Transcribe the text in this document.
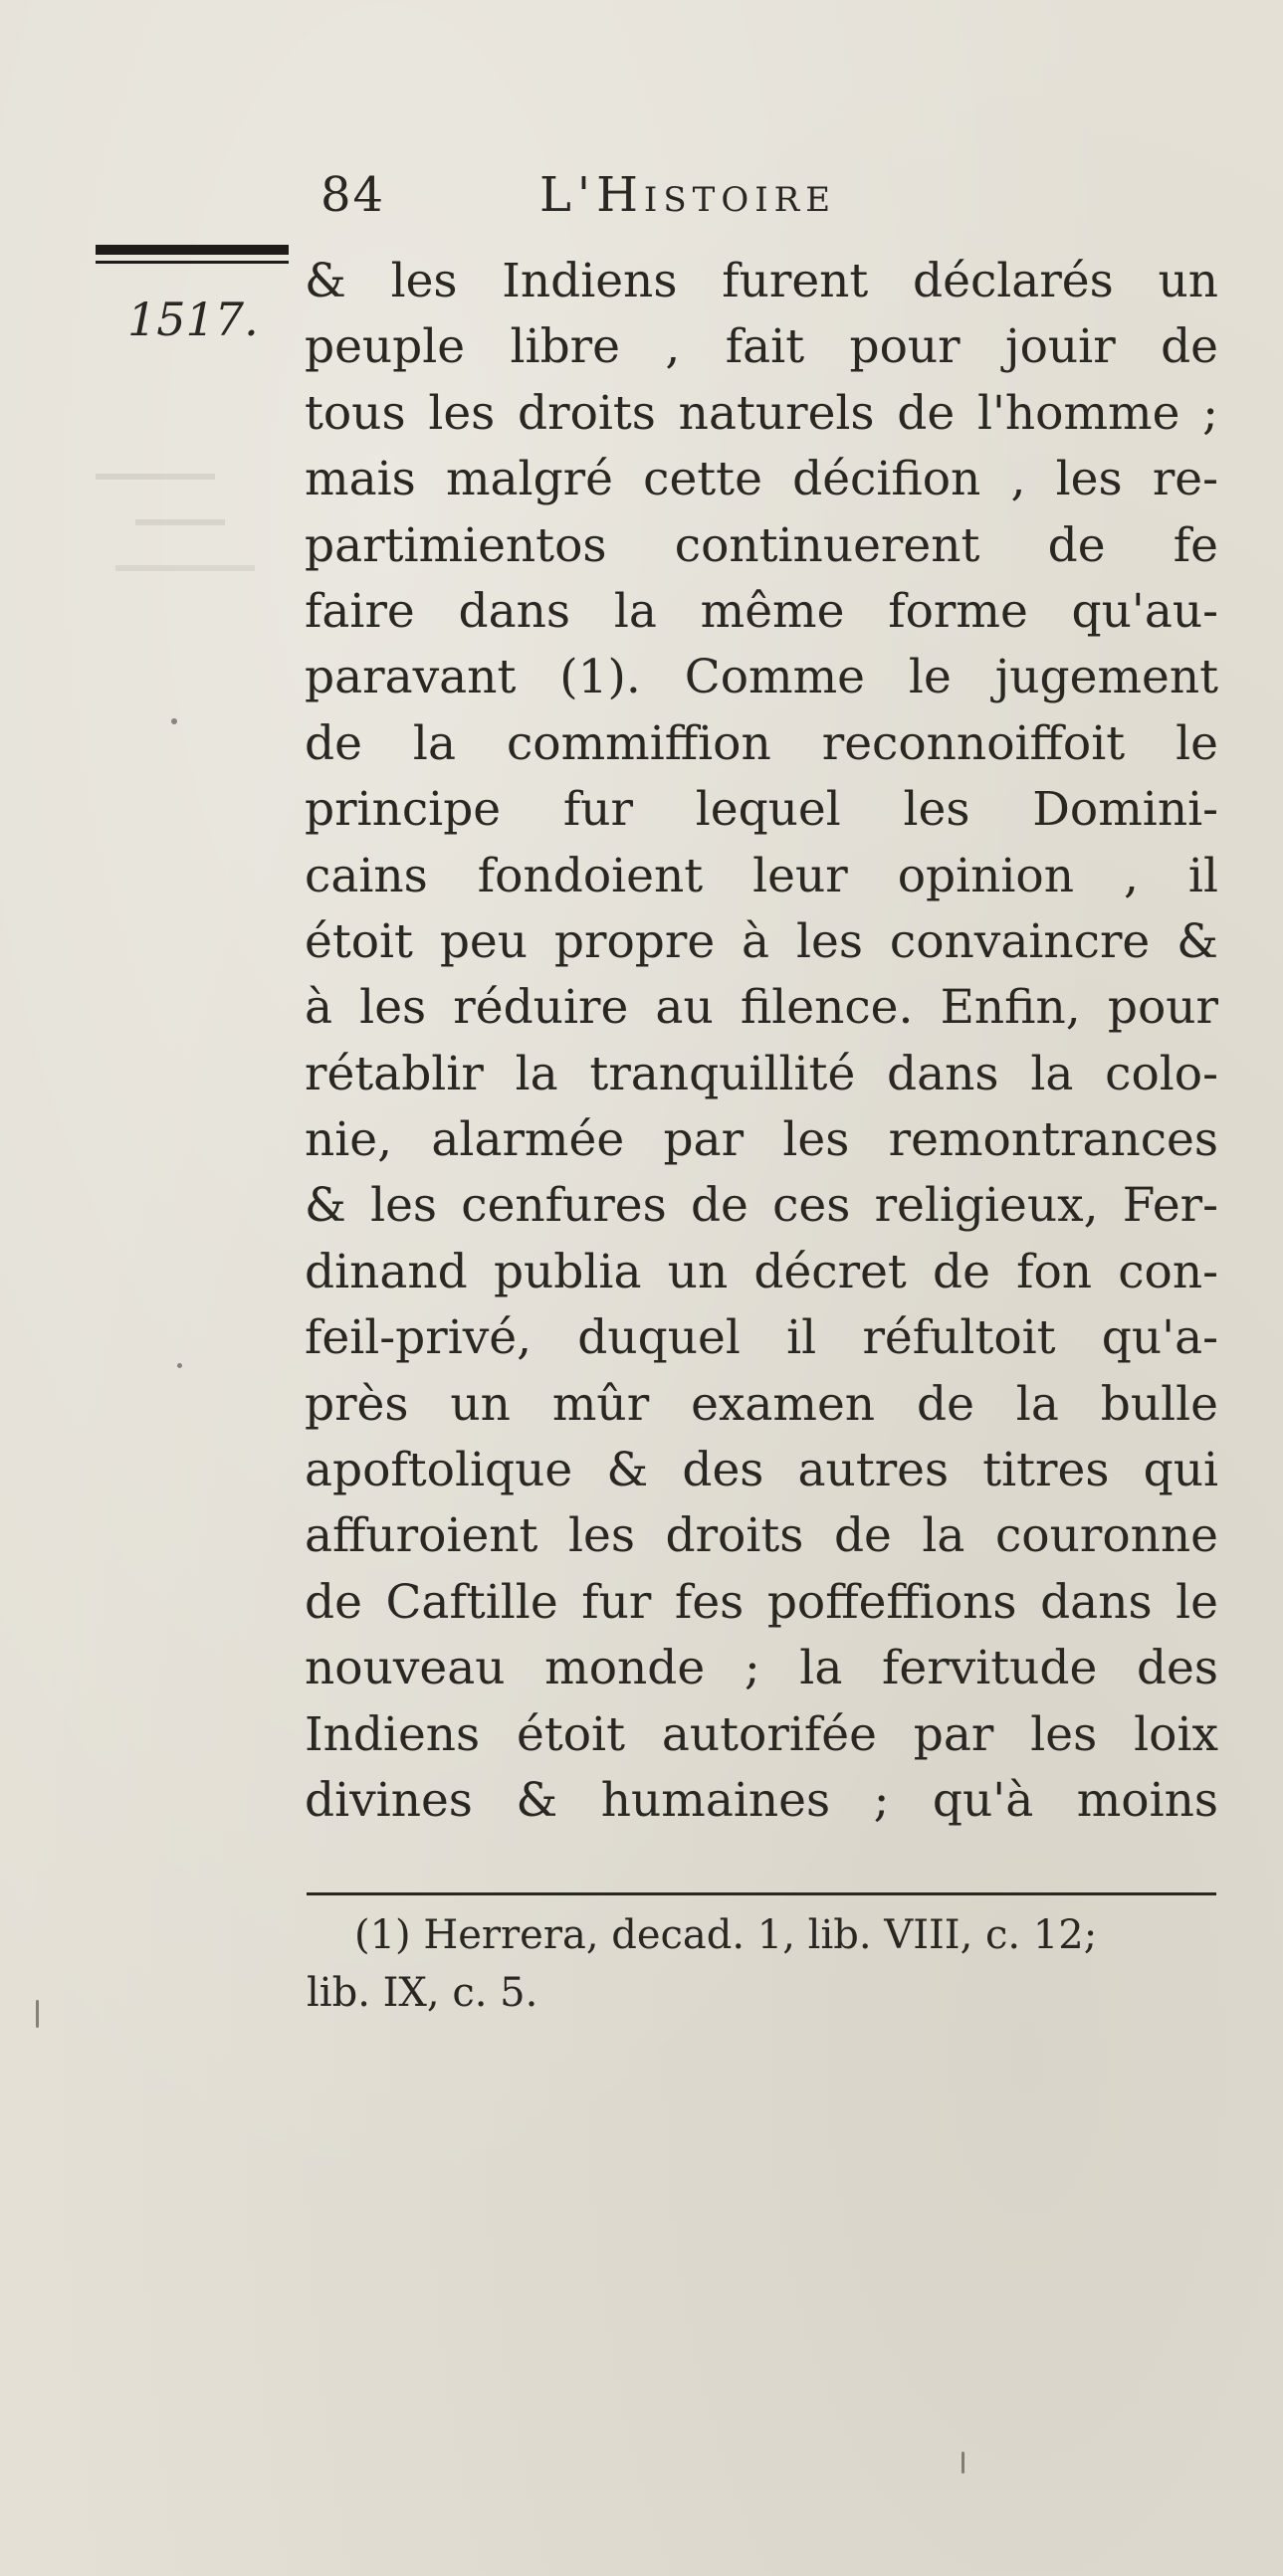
84	L'Histoire
1517.
& les Indiens furent déclarés un
peuple libre , fait pour jouir de
tous les droits naturels de l'homme ;
mais malgré cette décifion , les re-
partimientos continuerent de fe
faire dans la même forme qu'au-
paravant (1). Comme le jugement
de la commiffion reconnoiffoit le
principe fur lequel les Domini-
cains fondoient leur opinion , il
étoit peu propre à les convaincre &
à les réduire au filence. Enfin, pour
rétablir la tranquillité dans la colo-
nie, alarmée par les remontrances
& les cenfures de ces religieux, Fer-
dinand publia un décret de fon con-
feil-privé, duquel il réfultoit qu'a-
près un mûr examen de la bulle
apoftolique & des autres titres qui
affuroient les droits de la couronne
de Caftille fur fes poffeffions dans le
nouveau monde ; la fervitude des
Indiens étoit autorifée par les loix
divines & humaines ; qu'à moins
(1) Herrera, decad. 1, lib. VIII, c. 12;
lib. IX, c. 5.
